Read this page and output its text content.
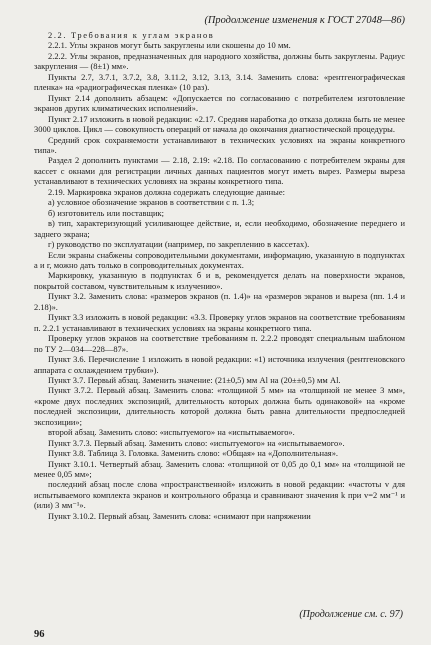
(Продолжение изменения к ГОСТ 27048—86)

2.2. Требования к углам экранов

2.2.1. Углы экранов могут быть закруглены или скошены до 10 мм.

2.2.2. Углы экранов, предназначенных для народного хозяйства, должны быть закруглены. Радиус закругления — (8±1) мм».

Пункты 2.7, 3.7.1, 3.7.2, 3.8, 3.11.2, 3.12, 3.13, 3.14. Заменить слова: «рентгенографическая пленка» на «радиографическая пленка» (10 раз).

Пункт 2.14 дополнить абзацем: «Допускается по согласованию с потребителем изготовление экранов других климатических исполнений».

Пункт 2.17 изложить в новой редакции: «2.17. Средняя наработка до отказа должна быть не менее 3000 циклов. Цикл — совокупность операций от начала до окончания диагностической процедуры.

Средний срок сохраняемости устанавливают в технических условиях на экраны конкретного типа».

Раздел 2 дополнить пунктами — 2.18, 2.19: «2.18. По согласованию с потребителем экраны для кассет с окнами для регистрации личных данных пациентов могут иметь вырез. Размеры выреза устанавливают в технических условиях на экраны конкретного типа.

2.19. Маркировка экранов должна содержать следующие данные:

а) условное обозначение экранов в соответствии с п. 1.3;

б) изготовитель или поставщик;

в) тип, характеризующий усиливающее действие, и, если необходимо, обозначение переднего и заднего экрана;

г) руководство по эксплуатации (например, по закреплению в кассетах).

Если экраны снабжены сопроводительными документами, информацию, указанную в подпунктах а и г, можно дать только в сопроводительных документах.

Маркировку, указанную в подпунктах б и в, рекомендуется делать на поверхности экранов, покрытой составом, чувствительным к излучению».

Пункт 3.2. Заменить слова: «размеров экранов (п. 1.4)» на «размеров экранов и выреза (пп. 1.4 и 2.18)».

Пункт 3.3 изложить в новой редакции: «3.3. Проверку углов экранов на соответствие требованиям п. 2.2.1 устанавливают в технических условиях на экраны конкретного типа.

Проверку углов экранов на соответствие требованиям п. 2.2.2 проводят специальным шаблоном по ТУ 2—034—228—87».

Пункт 3.6. Перечисление 1 изложить в новой редакции: «1) источника излучения (рентгеновского аппарата с охлаждением трубки»).

Пункт 3.7. Первый абзац. Заменить значение: (21±0,5) мм Al на (20±±0,5) мм Al.

Пункт 3.7.2. Первый абзац. Заменить слова: «толщиной 5 мм» на «толщиной не менее 3 мм», «кроме двух последних экспозиций, длительность которых должна быть одинаковой» на «кроме последней экспозиции, длительность которой должна быть равна длительности предпоследней экспозиции»;

второй абзац. Заменить слово: «испытуемого» на «испытываемого».

Пункт 3.7.3. Первый абзац. Заменить слово: «испытуемого» на «испытываемого».

Пункт 3.8. Таблица 3. Головка. Заменить слово: «Общая» на «Дополнительная».

Пункт 3.10.1. Четвертый абзац. Заменить слова: «толщиной от 0,05 до 0,1 мм» на «толщиной не менее 0,05 мм»;

последний абзац после слова «пространственной» изложить в новой редакции: «частоты v для испытываемого комплекта экранов и контрольного образца и сравнивают значения k при v=2 мм⁻¹ и (или) 3 мм⁻¹».

Пункт 3.10.2. Первый абзац. Заменить слова: «снимают при напряжении

(Продолжение см. с. 97)
96
